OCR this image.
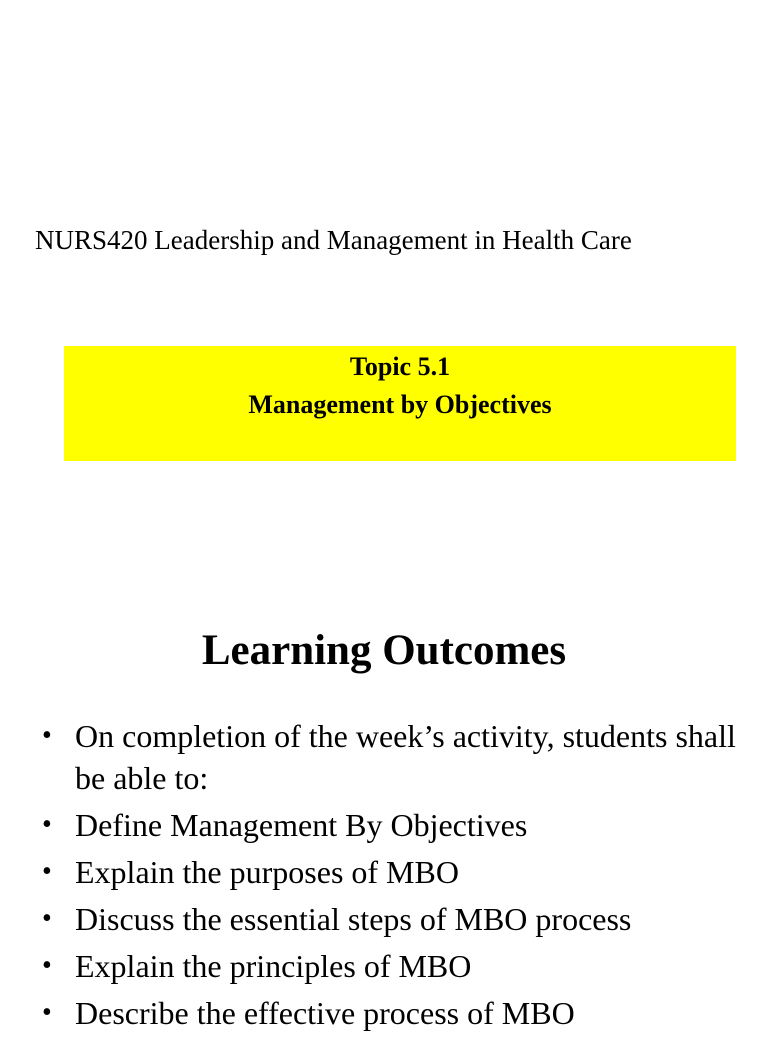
NURS420 Leadership and Management in Health Care
Topic 5.1
Management by Objectives
Learning Outcomes
• On completion of the week’s activity, students shall be able to:
• Define Management By Objectives
• Explain the purposes of MBO
• Discuss the essential steps of MBO process
• Explain the principles of MBO
• Describe the effective process of MBO
